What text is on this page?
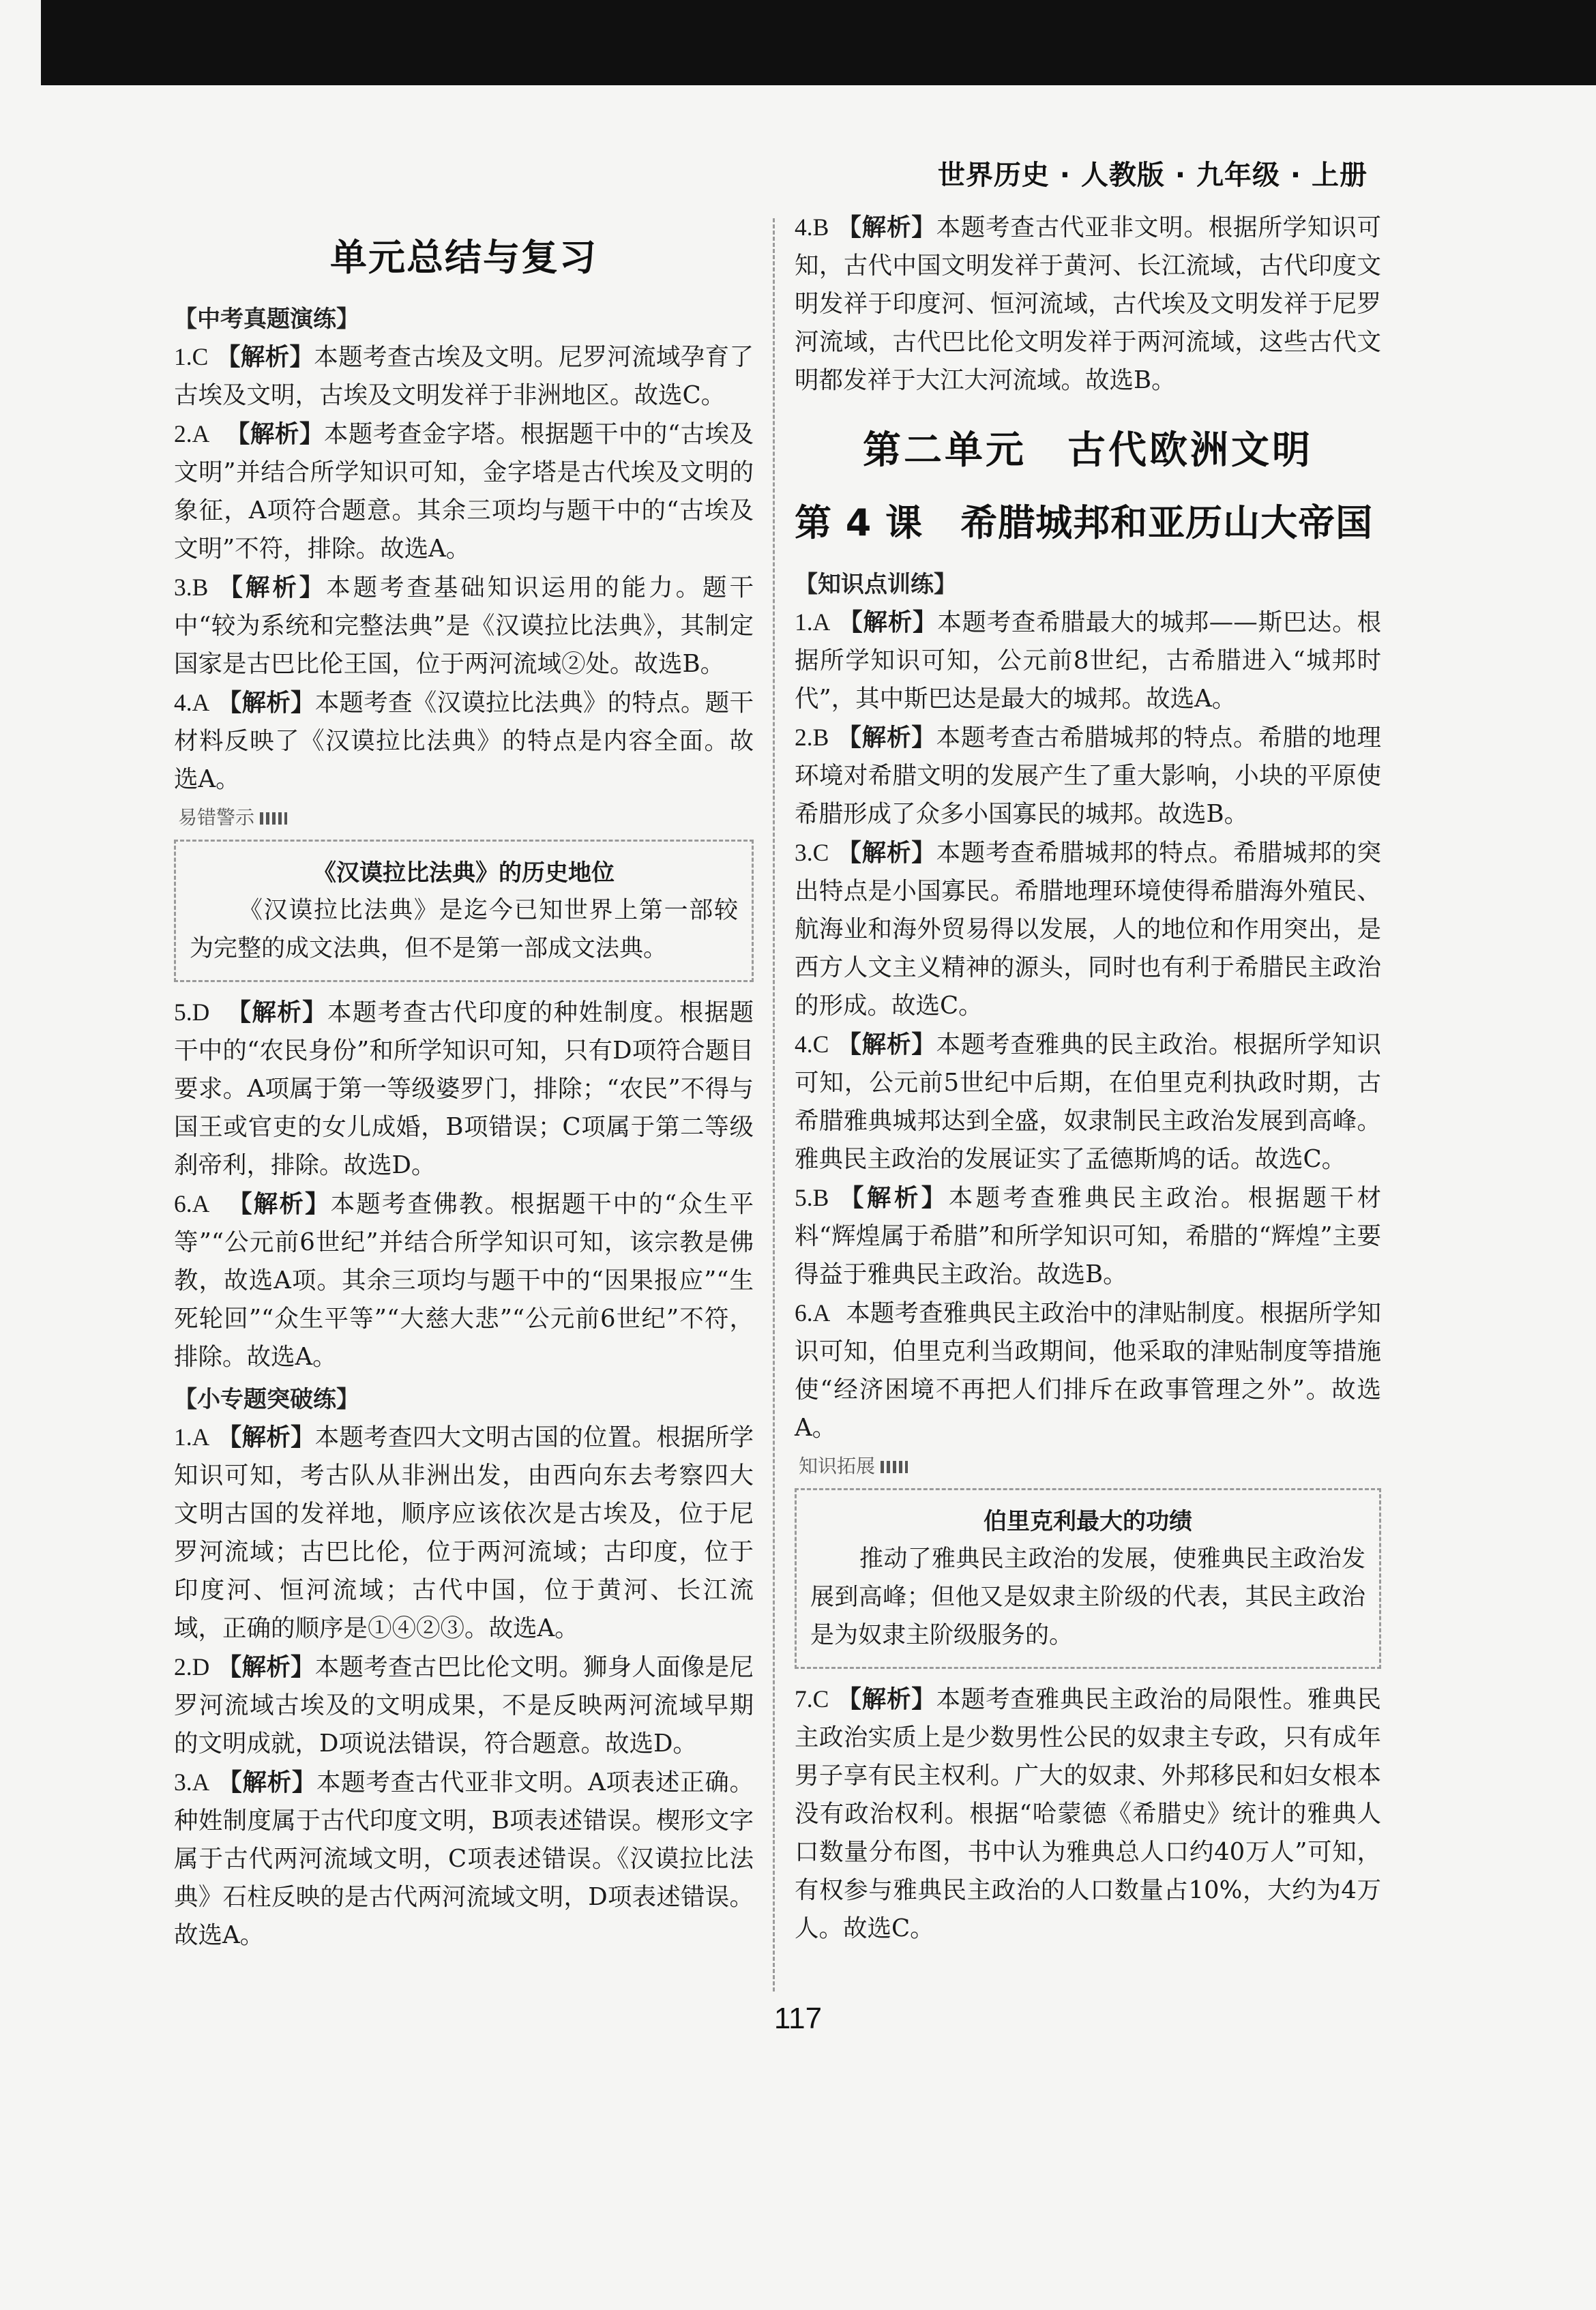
世界历史 · 人教版 · 九年级 · 上册
单元总结与复习
【中考真题演练】

1.C 【解析】本题考查古埃及文明。尼罗河流域孕育了古埃及文明，古埃及文明发祥于非洲地区。故选C。

2.A 【解析】本题考查金字塔。根据题干中的“古埃及文明”并结合所学知识可知，金字塔是古代埃及文明的象征，A项符合题意。其余三项均与题干中的“古埃及文明”不符，排除。故选A。

3.B 【解析】本题考查基础知识运用的能力。题干中“较为系统和完整法典”是《汉谟拉比法典》，其制定国家是古巴比伦王国，位于两河流域②处。故选B。

4.A 【解析】本题考查《汉谟拉比法典》的特点。题干材料反映了《汉谟拉比法典》的特点是内容全面。故选A。

易错警示
《汉谟拉比法典》的历史地位
《汉谟拉比法典》是迄今已知世界上第一部较为完整的成文法典，但不是第一部成文法典。

5.D 【解析】本题考查古代印度的种姓制度。根据题干中的“农民身份”和所学知识可知，只有D项符合题目要求。A项属于第一等级婆罗门，排除；“农民”不得与国王或官吏的女儿成婚，B项错误；C项属于第二等级刹帝利，排除。故选D。

6.A 【解析】本题考查佛教。根据题干中的“众生平等”“公元前6世纪”并结合所学知识可知，该宗教是佛教，故选A项。其余三项均与题干中的“因果报应”“生死轮回”“众生平等”“大慈大悲”“公元前6世纪”不符，排除。故选A。

【小专题突破练】

1.A 【解析】本题考查四大文明古国的位置。根据所学知识可知，考古队从非洲出发，由西向东去考察四大文明古国的发祥地，顺序应该依次是古埃及，位于尼罗河流域；古巴比伦，位于两河流域；古印度，位于印度河、恒河流域；古代中国，位于黄河、长江流域，正确的顺序是①④②③。故选A。

2.D 【解析】本题考查古巴比伦文明。狮身人面像是尼罗河流域古埃及的文明成果，不是反映两河流域早期的文明成就，D项说法错误，符合题意。故选D。

3.A 【解析】本题考查古代亚非文明。A项表述正确。种姓制度属于古代印度文明，B项表述错误。楔形文字属于古代两河流域文明，C项表述错误。《汉谟拉比法典》石柱反映的是古代两河流域文明，D项表述错误。故选A。

4.B 【解析】本题考查古代亚非文明。根据所学知识可知，古代中国文明发祥于黄河、长江流域，古代印度文明发祥于印度河、恒河流域，古代埃及文明发祥于尼罗河流域，古代巴比伦文明发祥于两河流域，这些古代文明都发祥于大江大河流域。故选B。

第二单元　古代欧洲文明
第 4 课　希腊城邦和亚历山大帝国
【知识点训练】

1.A 【解析】本题考查希腊最大的城邦——斯巴达。根据所学知识可知，公元前8世纪，古希腊进入“城邦时代”，其中斯巴达是最大的城邦。故选A。

2.B 【解析】本题考查古希腊城邦的特点。希腊的地理环境对希腊文明的发展产生了重大影响，小块的平原使希腊形成了众多小国寡民的城邦。故选B。

3.C 【解析】本题考查希腊城邦的特点。希腊城邦的突出特点是小国寡民。希腊地理环境使得希腊海外殖民、航海业和海外贸易得以发展，人的地位和作用突出，是西方人文主义精神的源头，同时也有利于希腊民主政治的形成。故选C。

4.C 【解析】本题考查雅典的民主政治。根据所学知识可知，公元前5世纪中后期，在伯里克利执政时期，古希腊雅典城邦达到全盛，奴隶制民主政治发展到高峰。雅典民主政治的发展证实了孟德斯鸠的话。故选C。

5.B 【解析】本题考查雅典民主政治。根据题干材料“辉煌属于希腊”和所学知识可知，希腊的“辉煌”主要得益于雅典民主政治。故选B。

6.A 本题考查雅典民主政治中的津贴制度。根据所学知识可知，伯里克利当政期间，他采取的津贴制度等措施使“经济困境不再把人们排斥在政事管理之外”。故选A。

知识拓展
伯里克利最大的功绩
推动了雅典民主政治的发展，使雅典民主政治发展到高峰；但他又是奴隶主阶级的代表，其民主政治是为奴隶主阶级服务的。

7.C 【解析】本题考查雅典民主政治的局限性。雅典民主政治实质上是少数男性公民的奴隶主专政，只有成年男子享有民主权利。广大的奴隶、外邦移民和妇女根本没有政治权利。根据“哈蒙德《希腊史》统计的雅典人口数量分布图，书中认为雅典总人口约40万人”可知，有权参与雅典民主政治的人口数量占10%，大约为4万人。故选C。

117
